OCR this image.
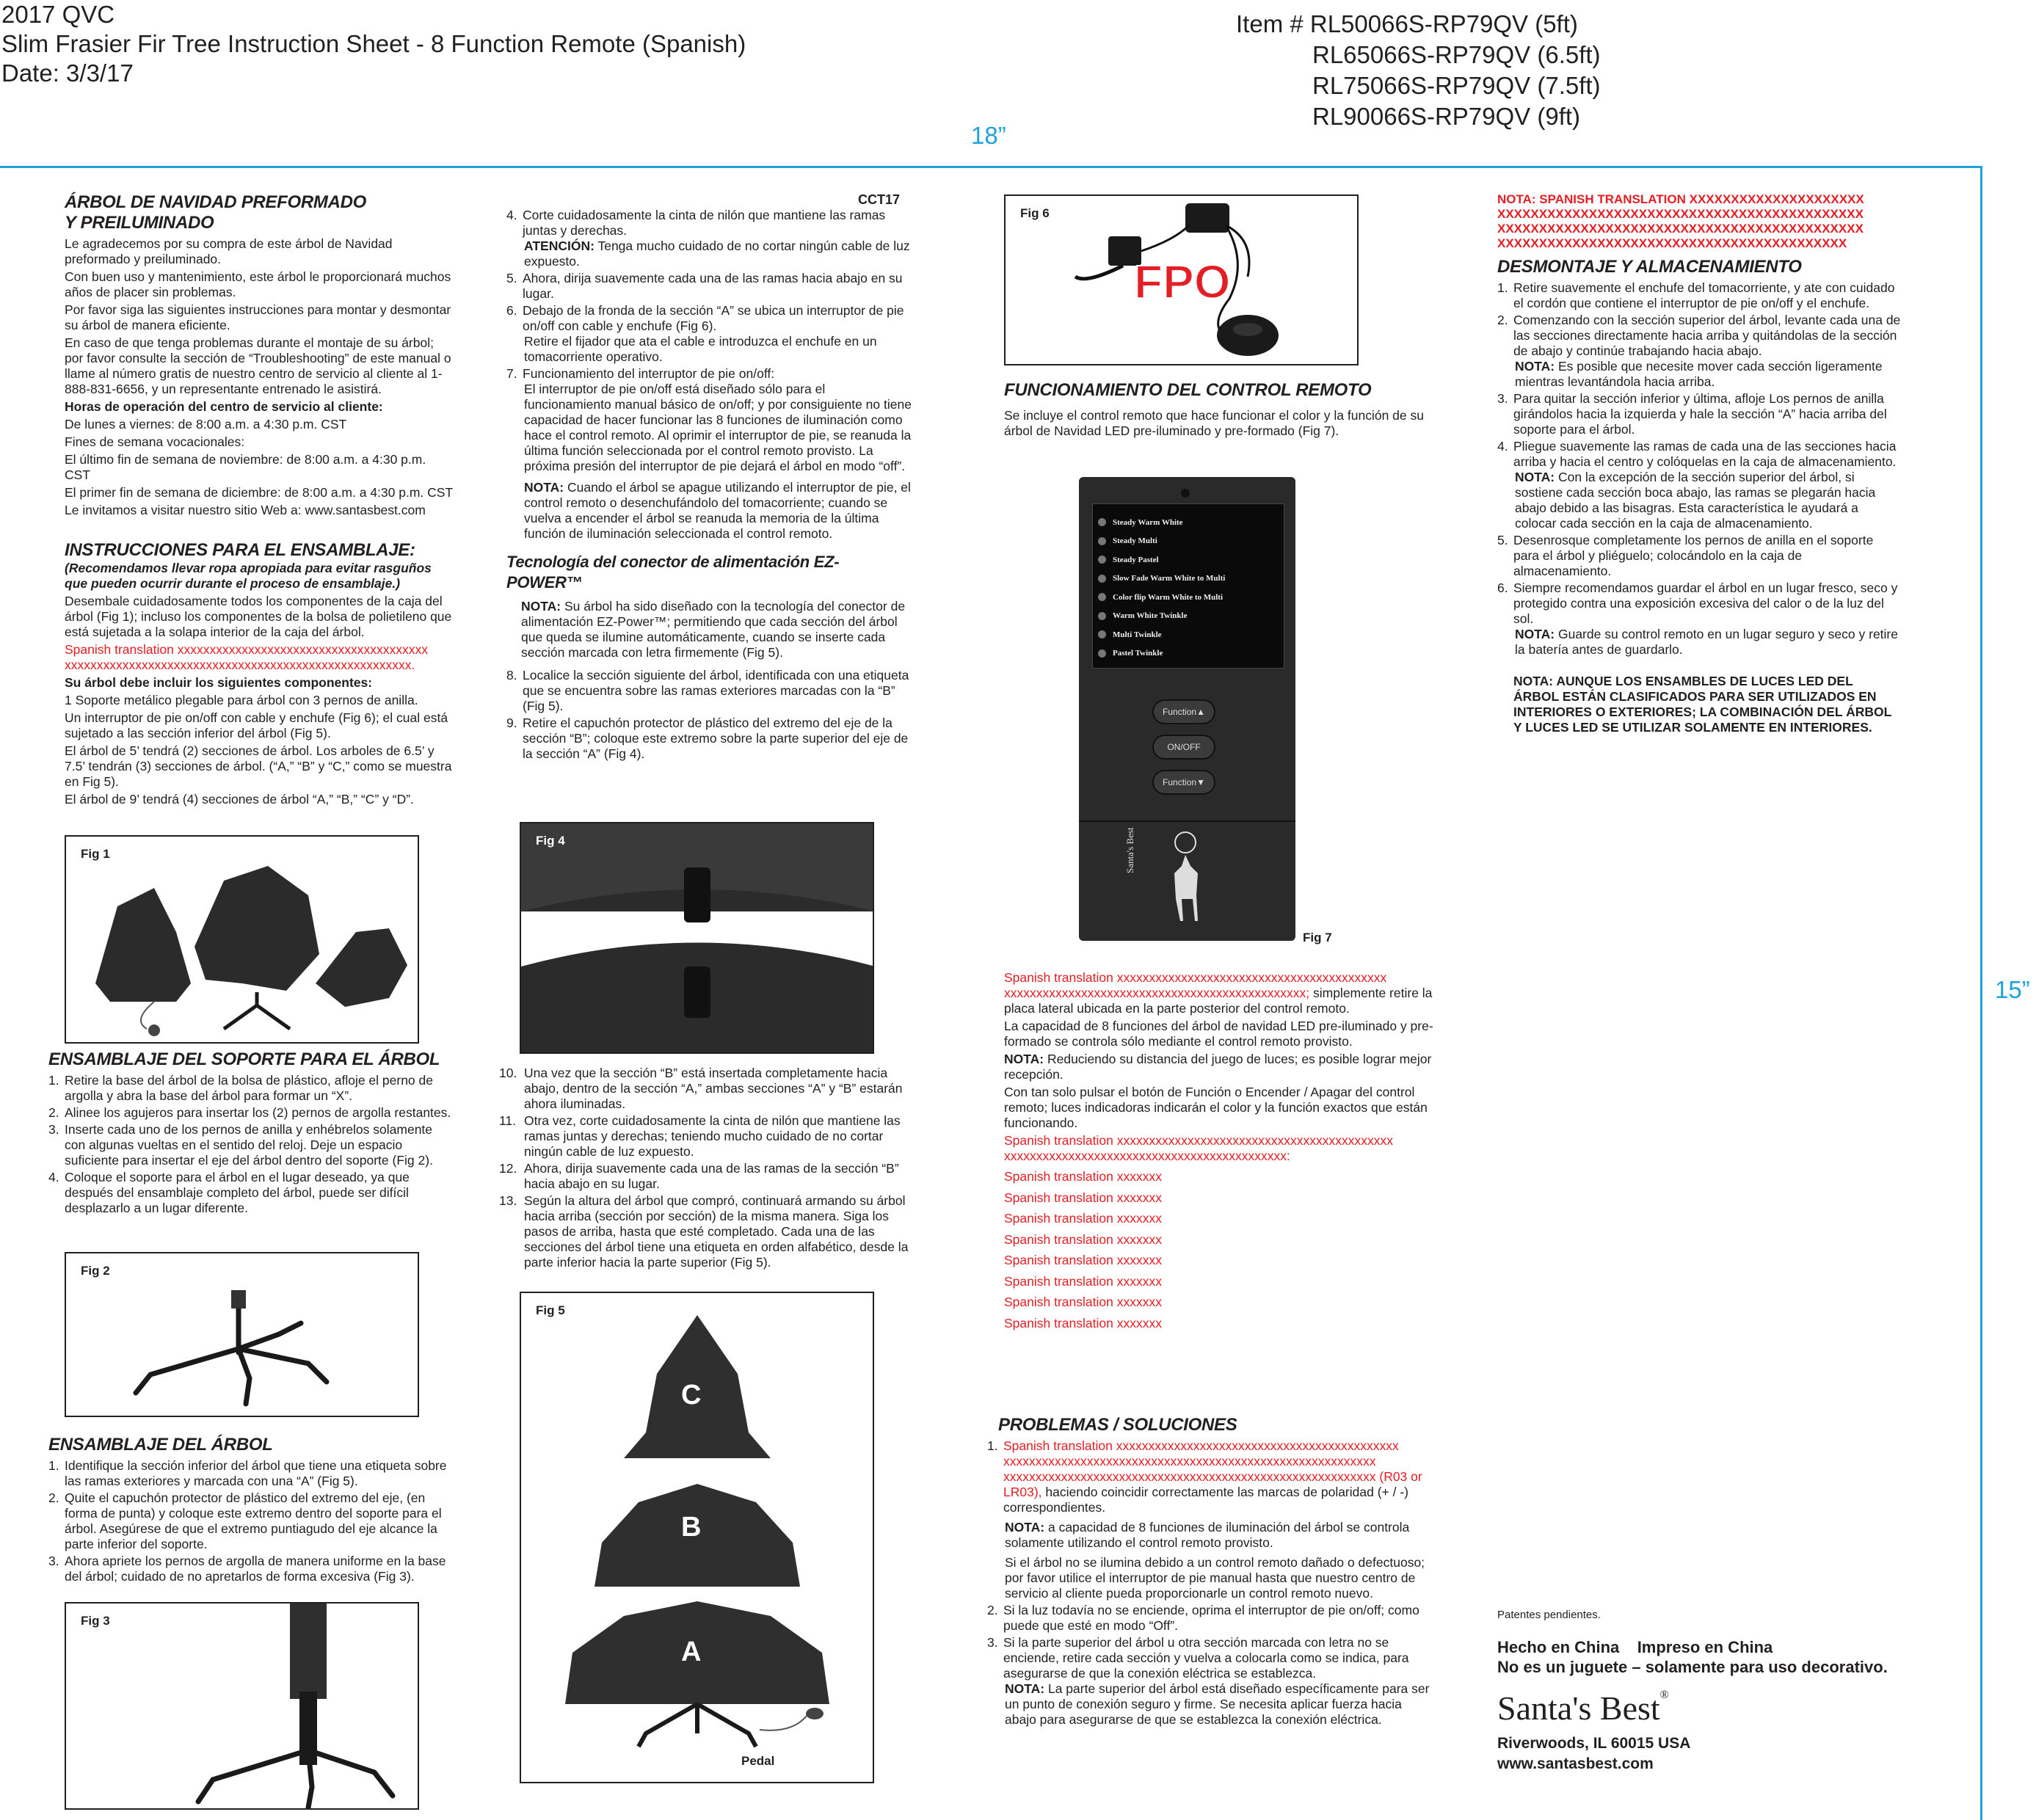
2017 QVC
Slim Frasier Fir Tree Instruction Sheet - 8 Function Remote (Spanish)
Date: 3/3/17
Item # RL50066S-RP79QV (5ft)
RL65066S-RP79QV (6.5ft)
RL75066S-RP79QV (7.5ft)
RL90066S-RP79QV (9ft)
18”
15”
ÁRBOL DE NAVIDAD PREFORMADO
Y PREILUMINADO

Le agradecemos por su compra de este árbol de Navidad preformado y preiluminado.

Con buen uso y mantenimiento, este árbol le proporcionará muchos años de placer sin problemas.

Por favor siga las siguientes instrucciones para montar y desmontar su árbol de manera eficiente.

En caso de que tenga problemas durante el montaje de su árbol; por favor consulte la sección de “Troubleshooting” de este manual o llame al número gratis de nuestro centro de servicio al cliente al 1-888-831-6656, y un representante entrenado le asistirá.

Horas de operación del centro de servicio al cliente:

De lunes a viernes: de 8:00 a.m. a 4:30 p.m. CST

Fines de semana vocacionales:

El último fin de semana de noviembre: de 8:00 a.m. a 4:30 p.m. CST

El primer fin de semana de diciembre: de 8:00 a.m. a 4:30 p.m. CST

Le invitamos a visitar nuestro sitio Web a: www.santasbest.com

INSTRUCCIONES PARA EL ENSAMBLAJE:

(Recomendamos llevar ropa apropiada para evitar rasguños que pueden ocurrir durante el proceso de ensamblaje.)

Desembale cuidadosamente todos los componentes de la caja del árbol (Fig 1); incluso los componentes de la bolsa de polietileno que está sujetada a la solapa interior de la caja del árbol.

Spanish translation xxxxxxxxxxxxxxxxxxxxxxxxxxxxxxxxxxxxxxx xxxxxxxxxxxxxxxxxxxxxxxxxxxxxxxxxxxxxxxxxxxxxxxxxxxxxx.

Su árbol debe incluir los siguientes componentes:

1 Soporte metálico plegable para árbol con 3 pernos de anilla.

Un interruptor de pie on/off con cable y enchufe (Fig 6); el cual está sujetado a las sección inferior del árbol (Fig 5).

El árbol de 5’ tendrá (2) secciones de árbol. Los arboles de 6.5’ y 7.5’ tendrán (3) secciones de árbol. (“A,” “B” y “C,” como se muestra en Fig 5).

El árbol de 9’ tendrá (4) secciones de árbol “A,” “B,” “C” y “D”.

Fig 1
ENSAMBLAJE DEL SOPORTE PARA EL ÁRBOL
1. Retire la base del árbol de la bolsa de plástico, afloje el perno de argolla y abra la base del árbol para formar un “X”.
2. Alinee los agujeros para insertar los (2) pernos de argolla restantes.
3. Inserte cada uno de los pernos de anilla y enhébrelos solamente con algunas vueltas en el sentido del reloj. Deje un espacio suficiente para insertar el eje del árbol dentro del soporte (Fig 2).
4. Coloque el soporte para el árbol en el lugar deseado, ya que después del ensamblaje completo del árbol, puede ser difícil desplazarlo a un lugar diferente.
Fig 2
ENSAMBLAJE DEL ÁRBOL
1. Identifique la sección inferior del árbol que tiene una etiqueta sobre las ramas exteriores y marcada con una “A” (Fig 5).
2. Quite el capuchón protector de plástico del extremo del eje, (en forma de punta) y coloque este extremo dentro del soporte para el árbol. Asegúrese de que el extremo puntiagudo del eje alcance la parte inferior del soporte.
3. Ahora apriete los pernos de argolla de manera uniforme en la base del árbol; cuidado de no apretarlos de forma excesiva (Fig 3).
Fig 3
CCT17
4. Corte cuidadosamente la cinta de nilón que mantiene las ramas juntas y derechas.
ATENCIÓN: Tenga mucho cuidado de no cortar ningún cable de luz expuesto.
5. Ahora, dirija suavemente cada una de las ramas hacia abajo en su lugar.
6. Debajo de la fronda de la sección “A” se ubica un interruptor de pie on/off con cable y enchufe (Fig 6).
Retire el fijador que ata el cable e introduzca el enchufe en un tomacorriente operativo.
7. Funcionamiento del interruptor de pie on/off:
El interruptor de pie on/off está diseñado sólo para el funcionamiento manual básico de on/off; y por consiguiente no tiene capacidad de hacer funcionar las 8 funciones de iluminación como hace el control remoto. Al oprimir el interruptor de pie, se reanuda la última función seleccionada por el control remoto provisto. La próxima presión del interruptor de pie dejará el árbol en modo “off”.
NOTA: Cuando el árbol se apague utilizando el interruptor de pie, el control remoto o desenchufándolo del tomacorriente; cuando se vuelva a encender el árbol se reanuda la memoria de la última función de iluminación seleccionada el control remoto.
Tecnología del conector de alimentación EZ-POWER™

NOTA: Su árbol ha sido diseñado con la tecnología del conector de alimentación EZ-Power™; permitiendo que cada sección del árbol que queda se ilumine automáticamente, cuando se inserte cada sección marcada con letra firmemente (Fig 5).

8. Localice la sección siguiente del árbol, identificada con una etiqueta que se encuentra sobre las ramas exteriores marcadas con la “B” (Fig 5).
9. Retire el capuchón protector de plástico del extremo del eje de la sección “B”; coloque este extremo sobre la parte superior del eje de la sección “A” (Fig 4).
Fig 4
10. Una vez que la sección “B” está insertada completamente hacia abajo, dentro de la sección “A,” ambas secciones “A” y “B” estarán ahora iluminadas.
11. Otra vez, corte cuidadosamente la cinta de nilón que mantiene las ramas juntas y derechas; teniendo mucho cuidado de no cortar ningún cable de luz expuesto.
12. Ahora, dirija suavemente cada una de las ramas de la sección “B” hacia abajo en su lugar.
13. Según la altura del árbol que compró, continuará armando su árbol hacia arriba (sección por sección) de la misma manera. Siga los pasos de arriba, hasta que esté completado. Cada una de las secciones del árbol tiene una etiqueta en orden alfabético, desde la parte inferior hacia la parte superior (Fig 5).
Fig 5
C
B
A
Pedal
Fig 6
FPO
FUNCIONAMIENTO DEL CONTROL REMOTO

Se incluye el control remoto que hace funcionar el color y la función de su árbol de Navidad LED pre-iluminado y pre-formado (Fig 7).

Steady Warm White
Steady Multi
Steady Pastel
Slow Fade Warm White to Multi
Color flip Warm White to Multi
Warm White Twinkle
Multi Twinkle
Pastel Twinkle
Function▲
ON/OFF
Function▼
Santa's Best
Fig 7

Spanish translation xxxxxxxxxxxxxxxxxxxxxxxxxxxxxxxxxxxxxxxxxx xxxxxxxxxxxxxxxxxxxxxxxxxxxxxxxxxxxxxxxxxxxxxxx; simplemente retire la placa lateral ubicada en la parte posterior del control remoto.

La capacidad de 8 funciones del árbol de navidad LED pre-iluminado y pre-formado se controla sólo mediante el control remoto provisto.

NOTA: Reduciendo su distancia del juego de luces; es posible lograr mejor recepción.

Con tan solo pulsar el botón de Función o Encender / Apagar del control remoto; luces indicadoras indicarán el color y la función exactos que están funcionando.

Spanish translation xxxxxxxxxxxxxxxxxxxxxxxxxxxxxxxxxxxxxxxxxxx xxxxxxxxxxxxxxxxxxxxxxxxxxxxxxxxxxxxxxxxxxxx:

Spanish translation xxxxxxx
Spanish translation xxxxxxx
Spanish translation xxxxxxx
Spanish translation xxxxxxx
Spanish translation xxxxxxx
Spanish translation xxxxxxx
Spanish translation xxxxxxx
Spanish translation xxxxxxx
PROBLEMAS / SOLUCIONES
1. Spanish translation xxxxxxxxxxxxxxxxxxxxxxxxxxxxxxxxxxxxxxxxxxxx xxxxxxxxxxxxxxxxxxxxxxxxxxxxxxxxxxxxxxxxxxxxxxxxxxxxxxxxxx xxxxxxxxxxxxxxxxxxxxxxxxxxxxxxxxxxxxxxxxxxxxxxxxxxxxxxxxxx (R03 or LR03), haciendo coincidir correctamente las marcas de polaridad (+ / -) correspondientes.
NOTA: a capacidad de 8 funciones de iluminación del árbol se controla solamente utilizando el control remoto provisto.
Si el árbol no se ilumina debido a un control remoto dañado o defectuoso; por favor utilice el interruptor de pie manual hasta que nuestro centro de servicio al cliente pueda proporcionarle un control remoto nuevo.
2. Si la luz todavía no se enciende, oprima el interruptor de pie on/off; como puede que esté en modo “Off”.
3. Si la parte superior del árbol u otra sección marcada con letra no se enciende, retire cada sección y vuelva a colocarla como se indica, para asegurarse de que la conexión eléctrica se establezca.
NOTA: La parte superior del árbol está diseñado específicamente para ser un punto de conexión seguro y firme. Se necesita aplicar fuerza hacia abajo para asegurarse de que se establezca la conexión eléctrica.

NOTA: SPANISH TRANSLATION XXXXXXXXXXXXXXXXXXXXX XXXXXXXXXXXXXXXXXXXXXXXXXXXXXXXXXXXXXXXXXXXX XXXXXXXXXXXXXXXXXXXXXXXXXXXXXXXXXXXXXXXXXXXX XXXXXXXXXXXXXXXXXXXXXXXXXXXXXXXXXXXXXXXXXX

DESMONTAJE Y ALMACENAMIENTO
1. Retire suavemente el enchufe del tomacorriente, y ate con cuidado el cordón que contiene el interruptor de pie on/off y el enchufe.
2. Comenzando con la sección superior del árbol, levante cada una de las secciones directamente hacia arriba y quitándolas de la sección de abajo y continúe trabajando hacia abajo.
NOTA: Es posible que necesite mover cada sección ligeramente mientras levantándola hacia arriba.
3. Para quitar la sección inferior y última, afloje Los pernos de anilla girándolos hacia la izquierda y hale la sección “A” hacia arriba del soporte para el árbol.
4. Pliegue suavemente las ramas de cada una de las secciones hacia arriba y hacia el centro y colóquelas en la caja de almacenamiento.
NOTA: Con la excepción de la sección superior del árbol, si sostiene cada sección boca abajo, las ramas se plegarán hacia abajo debido a las bisagras. Esta característica le ayudará a colocar cada sección en la caja de almacenamiento.
5. Desenrosque completamente los pernos de anilla en el soporte para el árbol y pliéguelo; colocándolo en la caja de almacenamiento.
6. Siempre recomendamos guardar el árbol en un lugar fresco, seco y protegido contra una exposición excesiva del calor o de la luz del sol.
NOTA: Guarde su control remoto en un lugar seguro y seco y retire la batería antes de guardarlo.

NOTA: AUNQUE LOS ENSAMBLES DE LUCES LED DEL ÁRBOL ESTÁN CLASIFICADOS PARA SER UTILIZADOS EN INTERIORES O EXTERIORES; LA COMBINACIÓN DEL ÁRBOL Y LUCES LED SE UTILIZAR SOLAMENTE EN INTERIORES.

Patentes pendientes.
Hecho en China    Impreso en China
No es un juguete – solamente para uso decorativo.
Santa's Best®
Riverwoods, IL 60015 USA
www.santasbest.com
